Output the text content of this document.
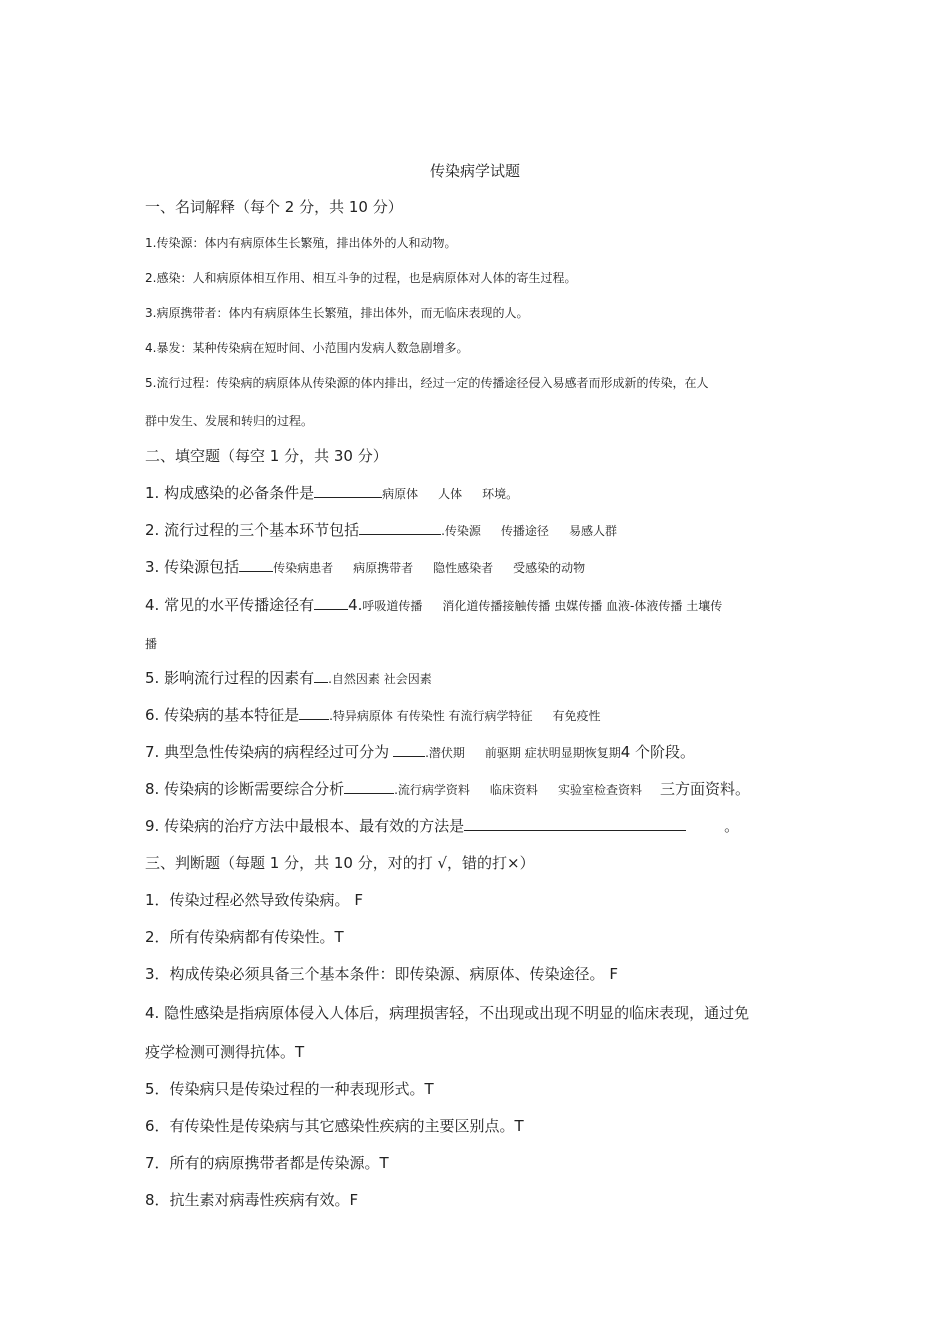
传染病学试题
一、名词解释（每个 2 分，共 10 分）
1.传染源：体内有病原体生长繁殖，排出体外的人和动物。
2.感染：人和病原体相互作用、相互斗争的过程，也是病原体对人体的寄生过程。
3.病原携带者：体内有病原体生长繁殖，排出体外，而无临床表现的人。
4.暴发：某种传染病在短时间、小范围内发病人数急剧增多。
5.流行过程：传染病的病原体从传染源的体内排出，经过一定的传播途径侵入易感者而形成新的传染，在人
群中发生、发展和转归的过程。
二、填空题（每空 1 分，共 30 分）
1. 构成感染的必备条件是	病原体 人体 环境。
2. 流行过程的三个基本环节包括	.传染源 传播途径 易感人群
3. 传染源包括	传染病患者 病原携带者 隐性感染者 受感染的动物
4. 常见的水平传播途径有 4.呼吸道传播 消化道传播接触传播 虫媒传播 血液-体液传播 土壤传
播
5. 影响流行过程的因素有 .自然因素 社会因素
6. 传染病的基本特征是	.特异病原体 有传染性 有流行病学特征 有免疫性
7. 典型急性传染病的病程经过可分为	.潜伏期 前驱期 症状明显期恢复期4 个阶段。
8. 传染病的诊断需要综合分析	.流行病学资料 临床资料 实验室检查资料 三方面资料。
9. 传染病的治疗方法中最根本、最有效的方法是	。
三、判断题（每题 1 分，共 10 分，对的打 √，错的打×）
1．传染过程必然导致传染病。 F
2．所有传染病都有传染性。T
3．构成传染必须具备三个基本条件：即传染源、病原体、传染途径。 F
4. 隐性感染是指病原体侵入人体后，病理损害轻，不出现或出现不明显的临床表现，通过免
疫学检测可测得抗体。T
5．传染病只是传染过程的一种表现形式。T
6．有传染性是传染病与其它感染性疾病的主要区别点。T
7．所有的病原携带者都是传染源。T
8．抗生素对病毒性疾病有效。F
